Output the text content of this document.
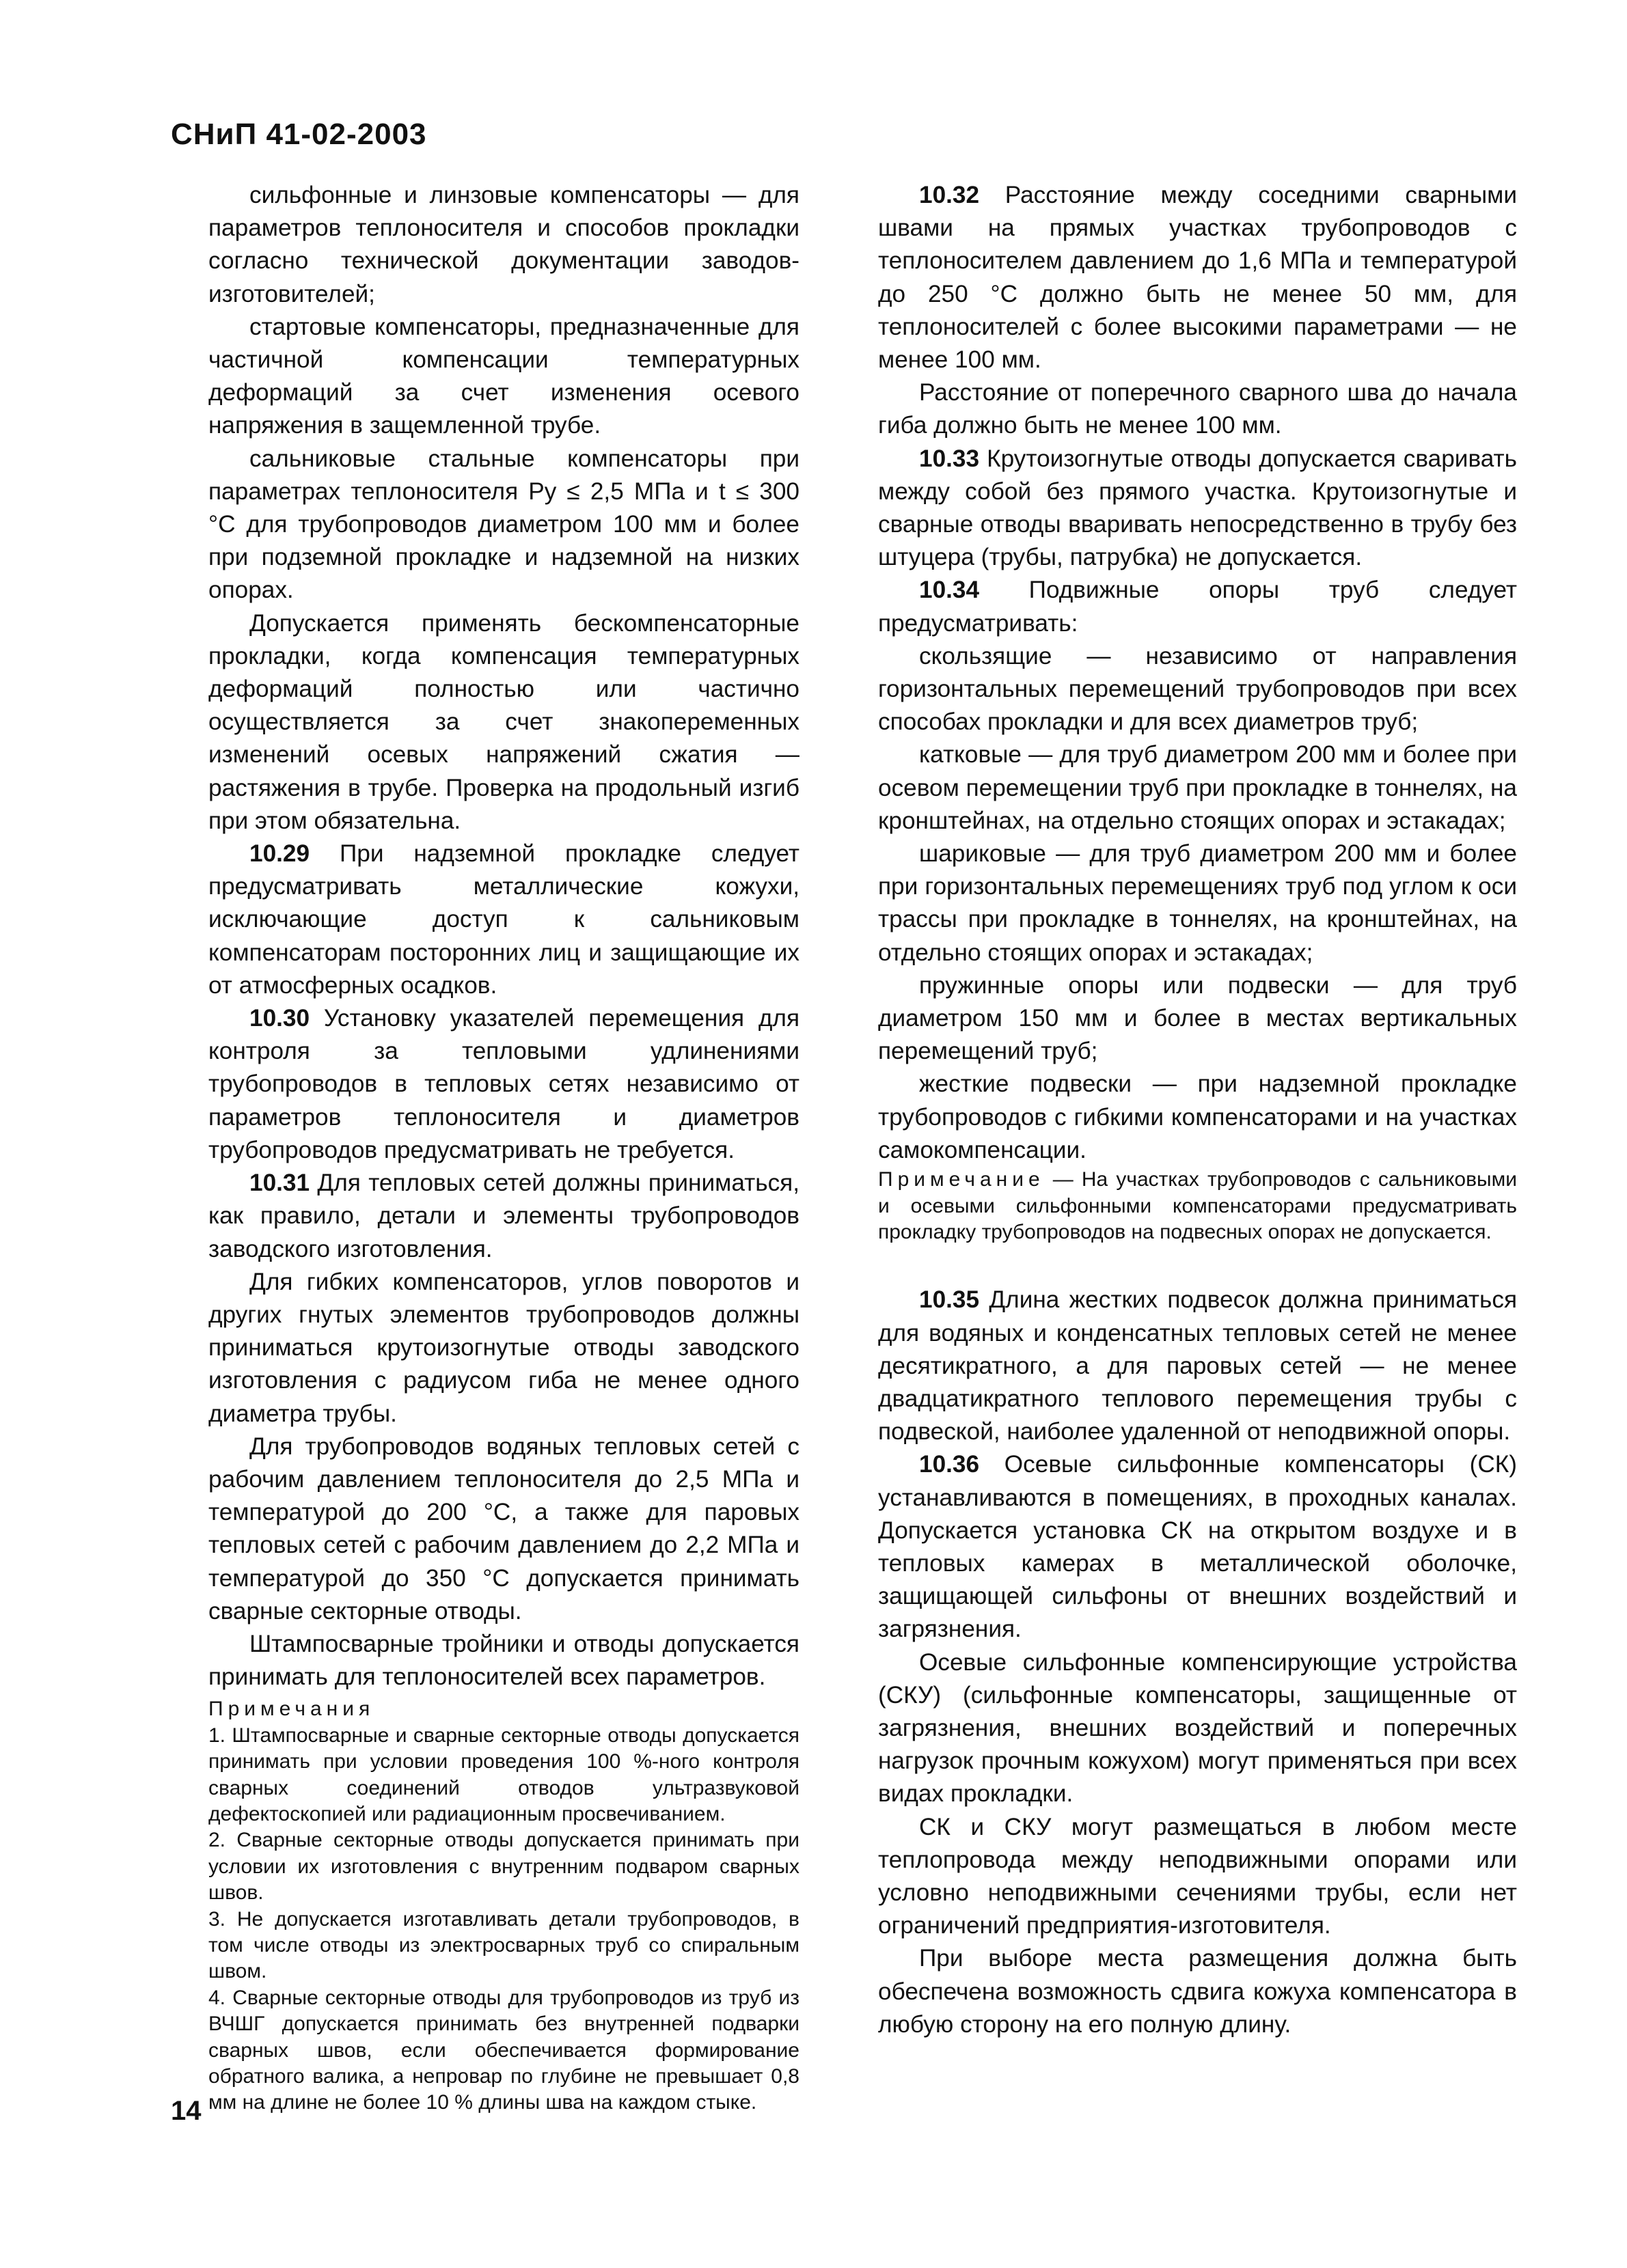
СНиП 41-02-2003

сильфонные и линзовые компенсаторы — для параметров теплоносителя и способов прокладки согласно технической документации заводов-изготовителей;

стартовые компенсаторы, предназначенные для частичной компенсации температурных деформаций за счет изменения осевого напряжения в защемленной трубе.

сальниковые стальные компенсаторы при параметрах теплоносителя Pу ≤ 2,5 МПа и t ≤ 300 °С для трубопроводов диаметром 100 мм и более при подземной прокладке и надземной на низких опорах.

Допускается применять бескомпенсаторные прокладки, когда компенсация температурных деформаций полностью или частично осуществляется за счет знакопеременных изменений осевых напряжений сжатия — растяжения в трубе. Проверка на продольный изгиб при этом обязательна.

10.29 При надземной прокладке следует предусматривать металлические кожухи, исключающие доступ к сальниковым компенсаторам посторонних лиц и защищающие их от атмосферных осадков.

10.30 Установку указателей перемещения для контроля за тепловыми удлинениями трубопроводов в тепловых сетях независимо от параметров теплоносителя и диаметров трубопроводов предусматривать не требуется.

10.31 Для тепловых сетей должны приниматься, как правило, детали и элементы трубопроводов заводского изготовления.

Для гибких компенсаторов, углов поворотов и других гнутых элементов трубопроводов должны приниматься крутоизогнутые отводы заводского изготовления с радиусом гиба не менее одного диаметра трубы.

Для трубопроводов водяных тепловых сетей с рабочим давлением теплоносителя до 2,5 МПа и температурой до 200 °С, а также для паровых тепловых сетей с рабочим давлением до 2,2 МПа и температурой до 350 °С допускается принимать сварные секторные отводы.

Штампосварные тройники и отводы допускается принимать для теплоносителей всех параметров.

Примечания

1. Штампосварные и сварные секторные отводы допускается принимать при условии проведения 100 %-ного контроля сварных соединений отводов ультразвуковой дефектоскопией или радиационным просвечиванием.

2. Сварные секторные отводы допускается принимать при условии их изготовления с внутренним подваром сварных швов.

3. Не допускается изготавливать детали трубопроводов, в том числе отводы из электросварных труб со спиральным швом.

4. Сварные секторные отводы для трубопроводов из труб из ВЧШГ допускается принимать без внутренней подварки сварных швов, если обеспечивается формирование обратного валика, а непровар по глубине не превышает 0,8 мм на длине не более 10 % длины шва на каждом стыке.

10.32 Расстояние между соседними сварными швами на прямых участках трубопроводов с теплоносителем давлением до 1,6 МПа и температурой до 250 °С должно быть не менее 50 мм, для теплоносителей с более высокими параметрами — не менее 100 мм.

Расстояние от поперечного сварного шва до начала гиба должно быть не менее 100 мм.

10.33 Крутоизогнутые отводы допускается сваривать между собой без прямого участка. Крутоизогнутые и сварные отводы вваривать непосредственно в трубу без штуцера (трубы, патрубка) не допускается.

10.34 Подвижные опоры труб следует предусматривать:

скользящие — независимо от направления горизонтальных перемещений трубопроводов при всех способах прокладки и для всех диаметров труб;

катковые — для труб диаметром 200 мм и более при осевом перемещении труб при прокладке в тоннелях, на кронштейнах, на отдельно стоящих опорах и эстакадах;

шариковые — для труб диаметром 200 мм и более при горизонтальных перемещениях труб под углом к оси трассы при прокладке в тоннелях, на кронштейнах, на отдельно стоящих опорах и эстакадах;

пружинные опоры или подвески — для труб диаметром 150 мм и более в местах вертикальных перемещений труб;

жесткие подвески — при надземной прокладке трубопроводов с гибкими компенсаторами и на участках самокомпенсации.

Примечание — На участках трубопроводов с сальниковыми и осевыми сильфонными компенсаторами предусматривать прокладку трубопроводов на подвесных опорах не допускается.

10.35 Длина жестких подвесок должна приниматься для водяных и конденсатных тепловых сетей не менее десятикратного, а для паровых сетей — не менее двадцатикратного теплового перемещения трубы с подвеской, наиболее удаленной от неподвижной опоры.

10.36 Осевые сильфонные компенсаторы (СК) устанавливаются в помещениях, в проходных каналах. Допускается установка СК на открытом воздухе и в тепловых камерах в металлической оболочке, защищающей сильфоны от внешних воздействий и загрязнения.

Осевые сильфонные компенсирующие устройства (СКУ) (сильфонные компенсаторы, защищенные от загрязнения, внешних воздействий и поперечных нагрузок прочным кожухом) могут применяться при всех видах прокладки.

СК и СКУ могут размещаться в любом месте теплопровода между неподвижными опорами или условно неподвижными сечениями трубы, если нет ограничений предприятия-изготовителя.

При выборе места размещения должна быть обеспечена возможность сдвига кожуха компенсатора в любую сторону на его полную длину.

14
